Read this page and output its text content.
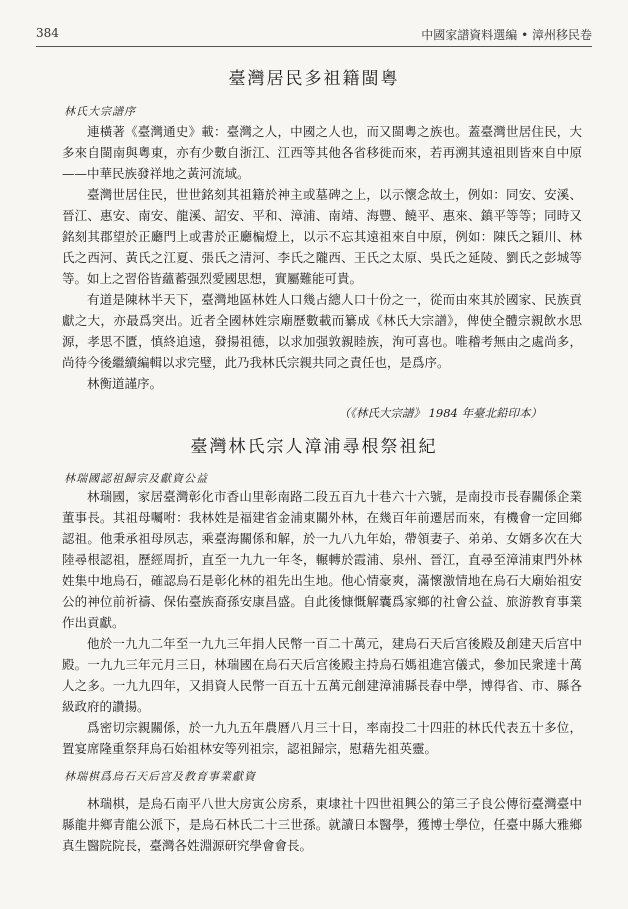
384	中國家譜資料選編 • 漳州移民卷
臺灣居民多祖籍閩粵
林氏大宗譜序

連橫著《臺灣通史》載：臺灣之人，中國之人也，而又閩粵之族也。蓋臺灣世居住民，大多來自閩南與粵東，亦有少數自浙江、江西等其他各省移徙而來，若再溯其遠祖則皆來自中原——中華民族發祥地之黃河流域。

臺灣世居住民，世世銘刻其祖籍於神主或墓碑之上，以示懷念故土，例如：同安、安溪、晉江、惠安、南安、龍溪、詔安、平和、漳浦、南靖、海豐、饒平、惠來、鎮平等等；同時又銘刻其郡望於正廳門上或書於正廳楄燈上，以示不忘其遠祖來自中原，例如：陳氏之穎川、林氏之西河、黃氏之江夏、張氏之清河、李氏之隴西、王氏之太原、吳氏之延陵、劉氏之彭城等等。如上之習俗皆蘊蓄强烈愛國思想，實屬難能可貴。

有道是陳林半天下，臺灣地區林姓人口幾占總人口十份之一，從而由來其於國家、民族貢獻之大，亦最爲突出。近者全國林姓宗廟歷數載而纂成《林氏大宗譜》，俾使全體宗親飲水思源，孝思不匱，慎終追遠，發揚祖德，以求加强敦親睦族，洵可喜也。唯稽考無由之處尚多，尚待今後繼續編輯以求完璧，此乃我林氏宗親共同之責任也，是爲序。

林衡道謹序。

（《林氏大宗譜》 1984 年臺北鉛印本）
臺灣林氏宗人漳浦尋根祭祖紀
林瑞國認祖歸宗及獻資公益

林瑞國，家居臺灣彰化市香山里彰南路二段五百九十巷六十六號，是南投市長春關係企業董事長。其祖母囑咐：我林姓是福建省金浦東關外林，在幾百年前遷居而來，有機會一定回鄉認祖。他秉承祖母夙志，乘臺海關係和解，於一九八九年始，帶領妻子、弟弟、女婿多次在大陸尋根認祖，歷經周折，直至一九九一年冬，輾轉於霞浦、泉州、晉江，直尋至漳浦東門外林姓集中地烏石，確認烏石是彰化林的祖先出生地。他心情豪爽，滿懷激情地在烏石大廟始祖安公的神位前祈禱、保佑臺族裔孫安康昌盛。自此後慷慨解囊爲家鄉的社會公益、旅游教育事業作出貢獻。

他於一九九二年至一九九三年捐人民幣一百二十萬元，建烏石天后宫後殿及創建天后宫中殿。一九九三年元月三日，林瑞國在烏石天后宫後殿主持烏石媽祖進宫儀式，參加民衆達十萬人之多。一九九四年，又捐資人民幣一百五十五萬元創建漳浦縣長春中學，博得省、市、縣各級政府的讚揚。

爲密切宗親關係，於一九九五年農曆八月三十日，率南投二十四莊的林氏代表五十多位，置宴席隆重祭拜烏石始祖林安等列祖宗，認祖歸宗，慰藉先祖英靈。

林瑞棋爲烏石天后宫及教育事業獻資

林瑞棋，是烏石南平八世大房寅公房系，東埭社十四世祖興公的第三子良公傳衍臺灣臺中縣龍井鄉青龍公派下，是烏石林氏二十三世孫。就讀日本醫學，獲博士學位，任臺中縣大雅鄉真生醫院院長，臺灣各姓淵源研究學會會長。
